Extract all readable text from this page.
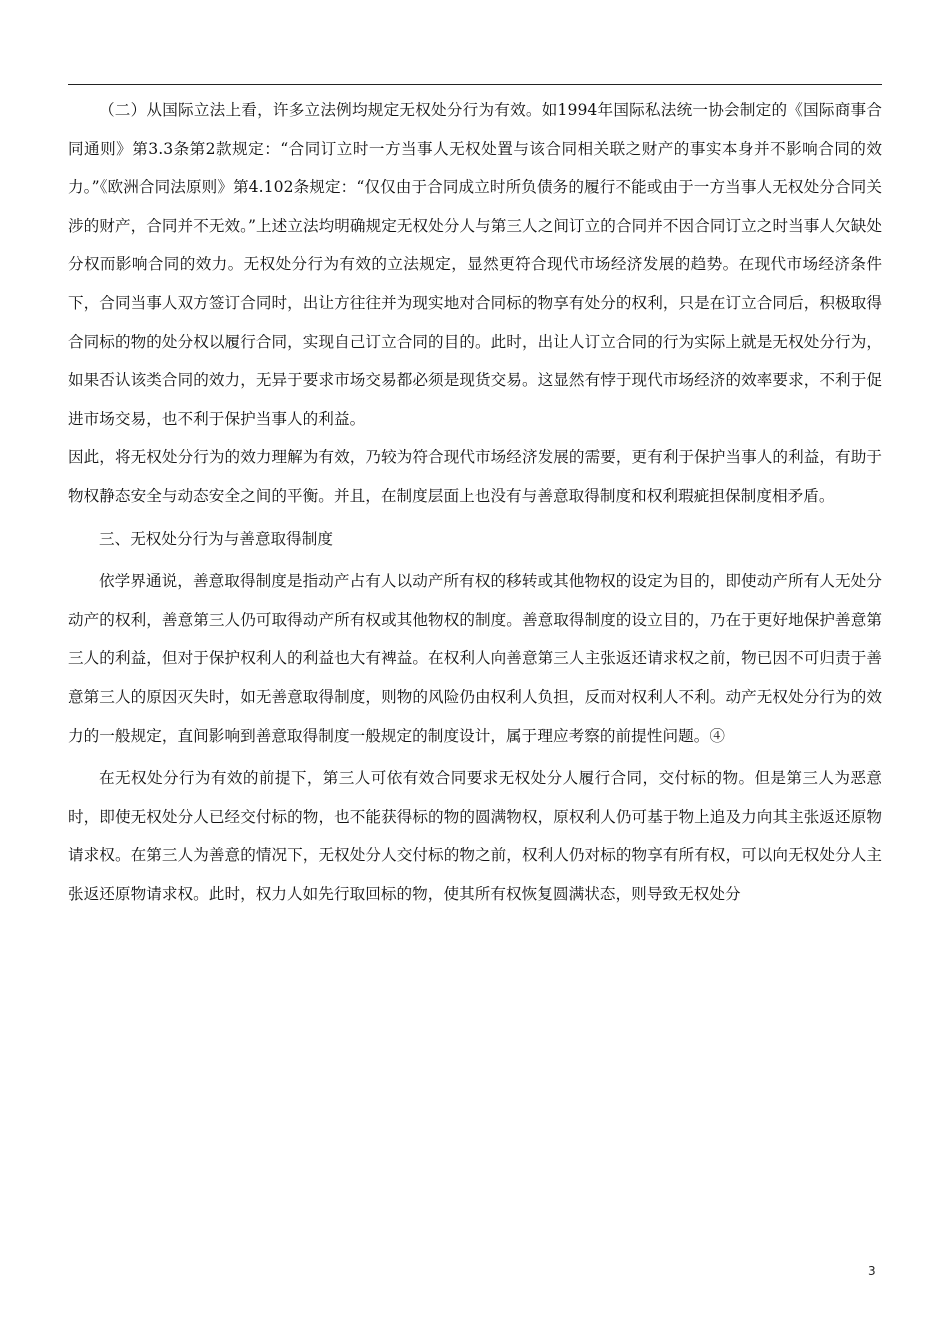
（二）从国际立法上看，许多立法例均规定无权处分行为有效。如1994年国际私法统一协会制定的《国际商事合同通则》第3.3条第2款规定：“合同订立时一方当事人无权处置与该合同相关联之财产的事实本身并不影响合同的效力。”《欧洲合同法原则》第4.102条规定：“仅仅由于合同成立时所负债务的履行不能或由于一方当事人无权处分合同关涉的财产，合同并不无效。”上述立法均明确规定无权处分人与第三人之间订立的合同并不因合同订立之时当事人欠缺处分权而影响合同的效力。无权处分行为有效的立法规定，显然更符合现代市场经济发展的趋势。在现代市场经济条件下，合同当事人双方签订合同时，出让方往往并为现实地对合同标的物享有处分的权利，只是在订立合同后，积极取得合同标的物的处分权以履行合同，实现自己订立合同的目的。此时，出让人订立合同的行为实际上就是无权处分行为，如果否认该类合同的效力，无异于要求市场交易都必须是现货交易。这显然有悖于现代市场经济的效率要求，不利于促进市场交易，也不利于保护当事人的利益。

因此，将无权处分行为的效力理解为有效，乃较为符合现代市场经济发展的需要，更有利于保护当事人的利益，有助于物权静态安全与动态安全之间的平衡。并且，在制度层面上也没有与善意取得制度和权利瑕疵担保制度相矛盾。

三、无权处分行为与善意取得制度

依学界通说，善意取得制度是指动产占有人以动产所有权的移转或其他物权的设定为目的，即使动产所有人无处分动产的权利，善意第三人仍可取得动产所有权或其他物权的制度。善意取得制度的设立目的，乃在于更好地保护善意第三人的利益，但对于保护权利人的利益也大有裨益。在权利人向善意第三人主张返还请求权之前，物已因不可归责于善意第三人的原因灭失时，如无善意取得制度，则物的风险仍由权利人负担，反而对权利人不利。动产无权处分行为的效力的一般规定，直间影响到善意取得制度一般规定的制度设计，属于理应考察的前提性问题。④

在无权处分行为有效的前提下，第三人可依有效合同要求无权处分人履行合同，交付标的物。但是第三人为恶意时，即使无权处分人已经交付标的物，也不能获得标的物的圆满物权，原权利人仍可基于物上追及力向其主张返还原物请求权。在第三人为善意的情况下，无权处分人交付标的物之前，权利人仍对标的物享有所有权，可以向无权处分人主张返还原物请求权。此时，权力人如先行取回标的物，使其所有权恢复圆满状态，则导致无权处分

3
